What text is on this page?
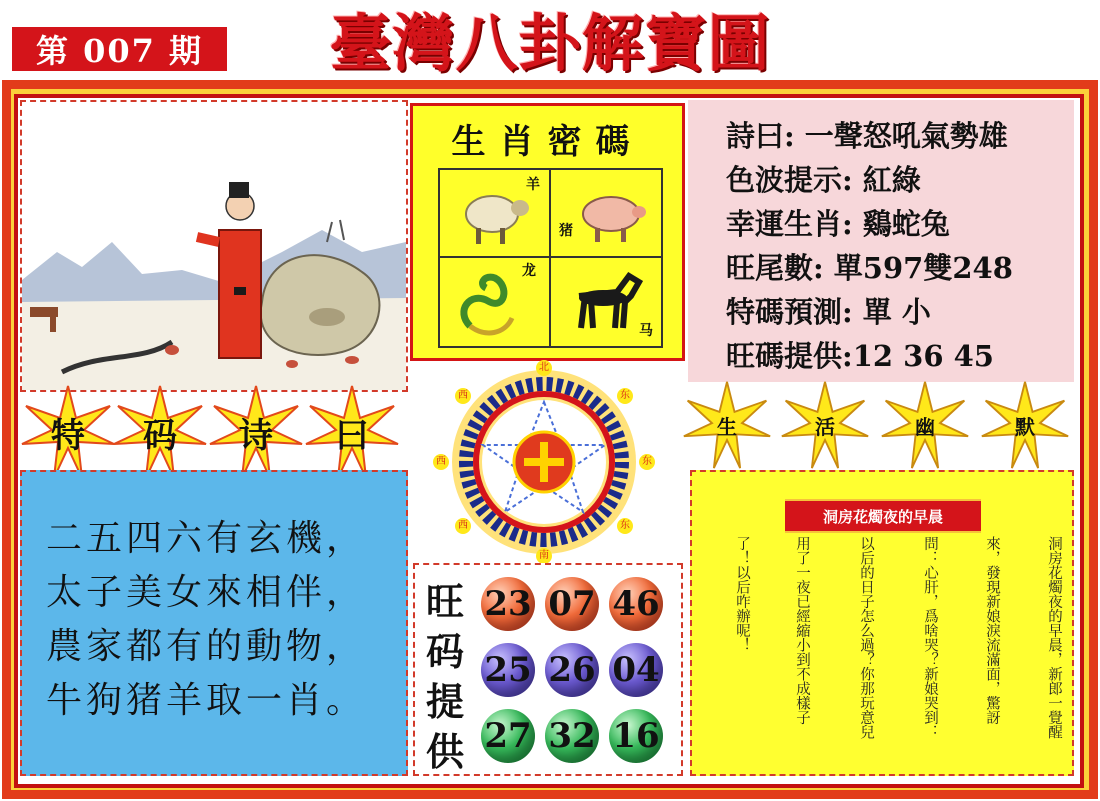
第 007 期	臺灣八卦解寶圖
生肖密碼
羊
猪
龙
马
詩曰: 一聲怒吼氣勢雄
色波提示: 紅綠
幸運生肖: 鷄蛇兔
旺尾數: 單597雙248
特碼預測: 單 小
旺碼提供:12 36 45
特	码	诗	曰	生	活	幽	默
北
南
西	东
西	东
西	东
二五四六有玄機，
太子美女來相伴，
農家都有的動物，
牛狗猪羊取一肖。
旺码提供
23 07 46
25 26 04
27 32 16
洞房花燭夜的早晨
洞房花燭夜的早晨，新郎一覺醒
來，發現新娘淚流滿面，驚訝
問：心肝，爲啥哭？新娘哭到：
以后的日子怎么過？你那玩意兒
用了一夜已經縮小到不成樣子
了！以后咋辦呢！
